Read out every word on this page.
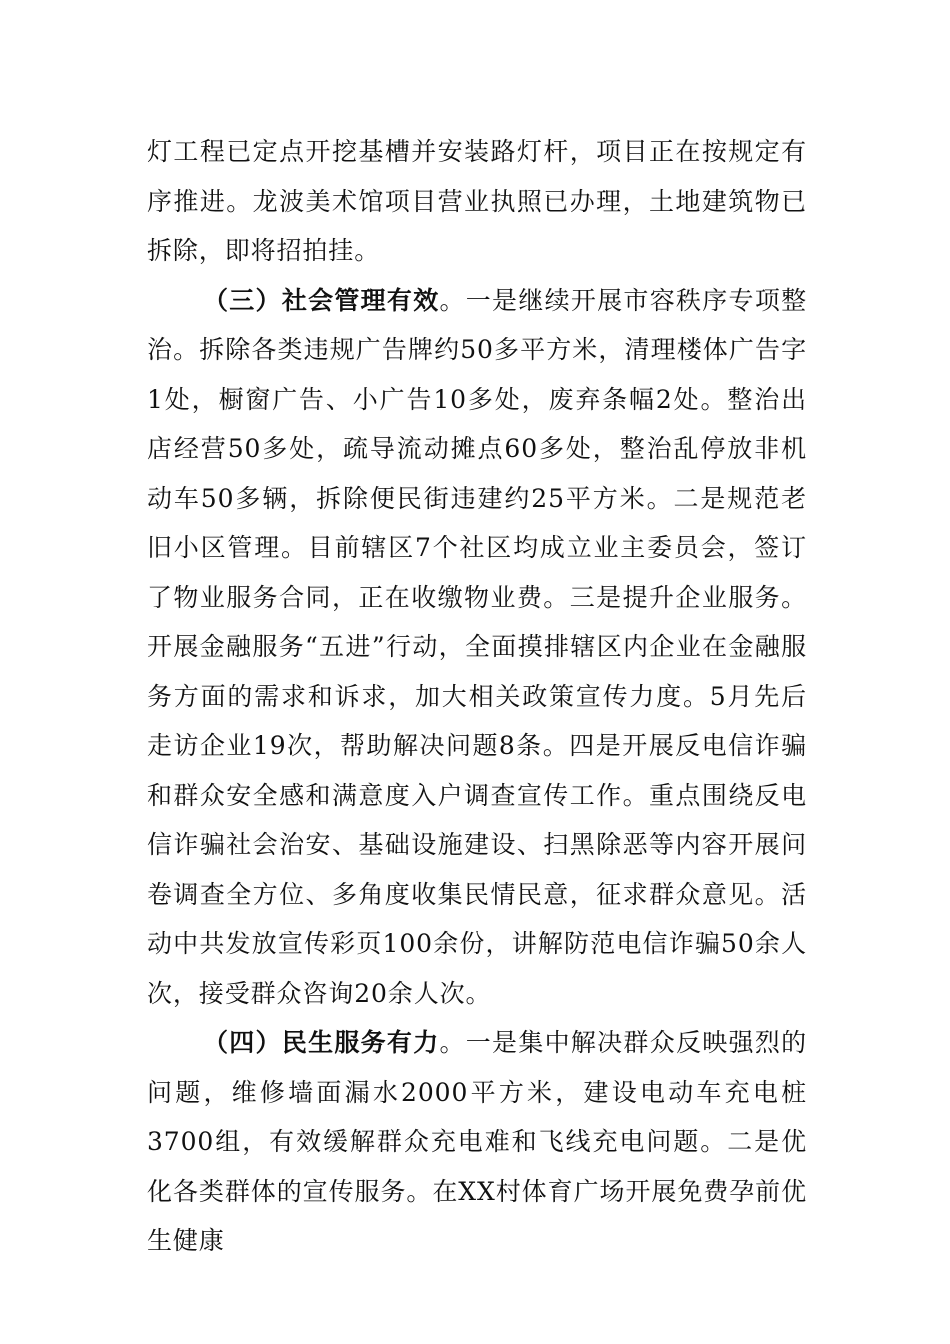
灯工程已定点开挖基槽并安装路灯杆，项目正在按规定有序推进。龙波美术馆项目营业执照已办理，土地建筑物已拆除，即将招拍挂。

（三）社会管理有效。一是继续开展市容秩序专项整治。拆除各类违规广告牌约50多平方米，清理楼体广告字1处，橱窗广告、小广告10多处，废弃条幅2处。整治出店经营50多处，疏导流动摊点60多处，整治乱停放非机动车50多辆，拆除便民街违建约25平方米。二是规范老旧小区管理。目前辖区7个社区均成立业主委员会，签订了物业服务合同，正在收缴物业费。三是提升企业服务。开展金融服务“五进”行动，全面摸排辖区内企业在金融服务方面的需求和诉求，加大相关政策宣传力度。5月先后走访企业19次，帮助解决问题8条。四是开展反电信诈骗和群众安全感和满意度入户调查宣传工作。重点围绕反电信诈骗社会治安、基础设施建设、扫黑除恶等内容开展问卷调查全方位、多角度收集民情民意，征求群众意见。活动中共发放宣传彩页100余份，讲解防范电信诈骗50余人次，接受群众咨询20余人次。

（四）民生服务有力。一是集中解决群众反映强烈的问题，维修墙面漏水2000平方米，建设电动车充电桩3700组，有效缓解群众充电难和飞线充电问题。二是优化各类群体的宣传服务。在XX村体育广场开展免费孕前优生健康
